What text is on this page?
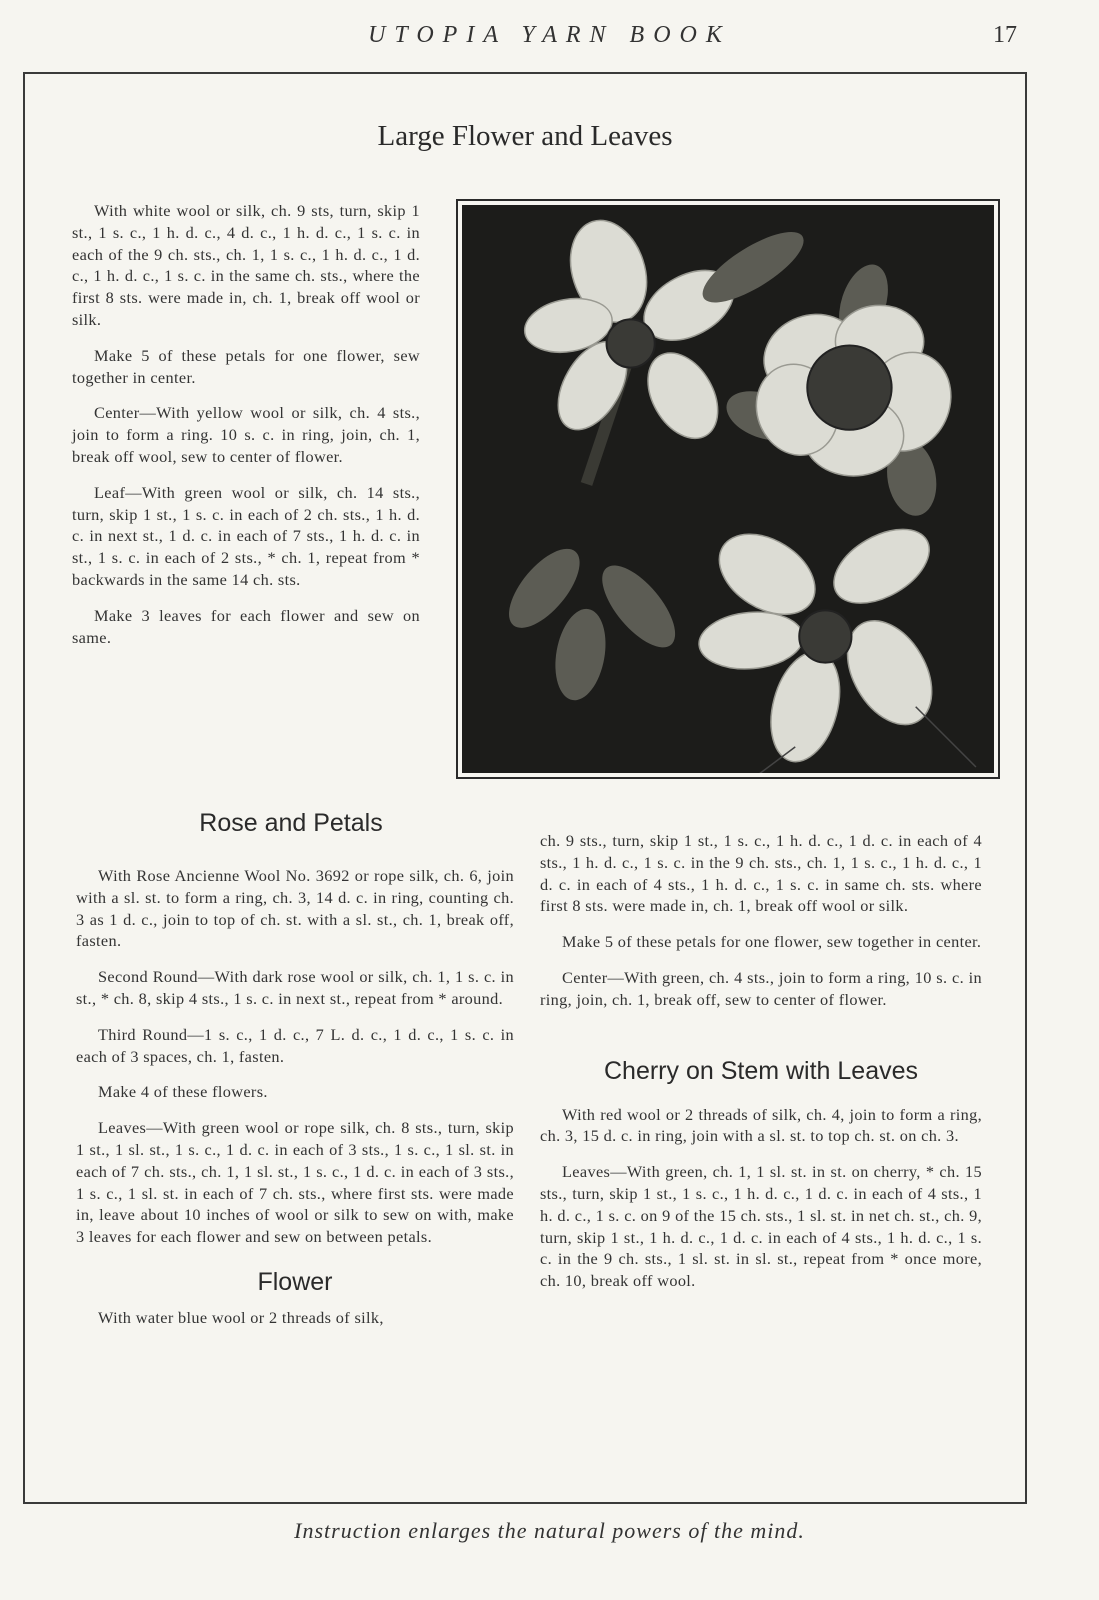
UTOPIA YARN BOOK	17
Large Flower and Leaves

With white wool or silk, ch. 9 sts, turn, skip 1 st., 1 s. c., 1 h. d. c., 4 d. c., 1 h. d. c., 1 s. c. in each of the 9 ch. sts., ch. 1, 1 s. c., 1 h. d. c., 1 d. c., 1 h. d. c., 1 s. c. in the same ch. sts., where the first 8 sts. were made in, ch. 1, break off wool or silk.

Make 5 of these petals for one flower, sew together in center.

Center—With yellow wool or silk, ch. 4 sts., join to form a ring. 10 s. c. in ring, join, ch. 1, break off wool, sew to center of flower.

Leaf—With green wool or silk, ch. 14 sts., turn, skip 1 st., 1 s. c. in each of 2 ch. sts., 1 h. d. c. in next st., 1 d. c. in each of 7 sts., 1 h. d. c. in st., 1 s. c. in each of 2 sts., * ch. 1, repeat from * backwards in the same 14 ch. sts.

Make 3 leaves for each flower and sew on same.

Rose and Petals

With Rose Ancienne Wool No. 3692 or rope silk, ch. 6, join with a sl. st. to form a ring, ch. 3, 14 d. c. in ring, counting ch. 3 as 1 d. c., join to top of ch. st. with a sl. st., ch. 1, break off, fasten.

Second Round—With dark rose wool or silk, ch. 1, 1 s. c. in st., * ch. 8, skip 4 sts., 1 s. c. in next st., repeat from * around.

Third Round—1 s. c., 1 d. c., 7 L. d. c., 1 d. c., 1 s. c. in each of 3 spaces, ch. 1, fasten.

Make 4 of these flowers.

Leaves—With green wool or rope silk, ch. 8 sts., turn, skip 1 st., 1 sl. st., 1 s. c., 1 d. c. in each of 3 sts., 1 s. c., 1 sl. st. in each of 7 ch. sts., ch. 1, 1 sl. st., 1 s. c., 1 d. c. in each of 3 sts., 1 s. c., 1 sl. st. in each of 7 ch. sts., where first sts. were made in, leave about 10 inches of wool or silk to sew on with, make 3 leaves for each flower and sew on between petals.

Flower

With water blue wool or 2 threads of silk,

ch. 9 sts., turn, skip 1 st., 1 s. c., 1 h. d. c., 1 d. c. in each of 4 sts., 1 h. d. c., 1 s. c. in the 9 ch. sts., ch. 1, 1 s. c., 1 h. d. c., 1 d. c. in each of 4 sts., 1 h. d. c., 1 s. c. in same ch. sts. where first 8 sts. were made in, ch. 1, break off wool or silk.

Make 5 of these petals for one flower, sew together in center.

Center—With green, ch. 4 sts., join to form a ring, 10 s. c. in ring, join, ch. 1, break off, sew to center of flower.

Cherry on Stem with Leaves

With red wool or 2 threads of silk, ch. 4, join to form a ring, ch. 3, 15 d. c. in ring, join with a sl. st. to top ch. st. on ch. 3.

Leaves—With green, ch. 1, 1 sl. st. in st. on cherry, * ch. 15 sts., turn, skip 1 st., 1 s. c., 1 h. d. c., 1 d. c. in each of 4 sts., 1 h. d. c., 1 s. c. on 9 of the 15 ch. sts., 1 sl. st. in net ch. st., ch. 9, turn, skip 1 st., 1 h. d. c., 1 d. c. in each of 4 sts., 1 h. d. c., 1 s. c. in the 9 ch. sts., 1 sl. st. in sl. st., repeat from * once more, ch. 10, break off wool.

Instruction enlarges the natural powers of the mind.
